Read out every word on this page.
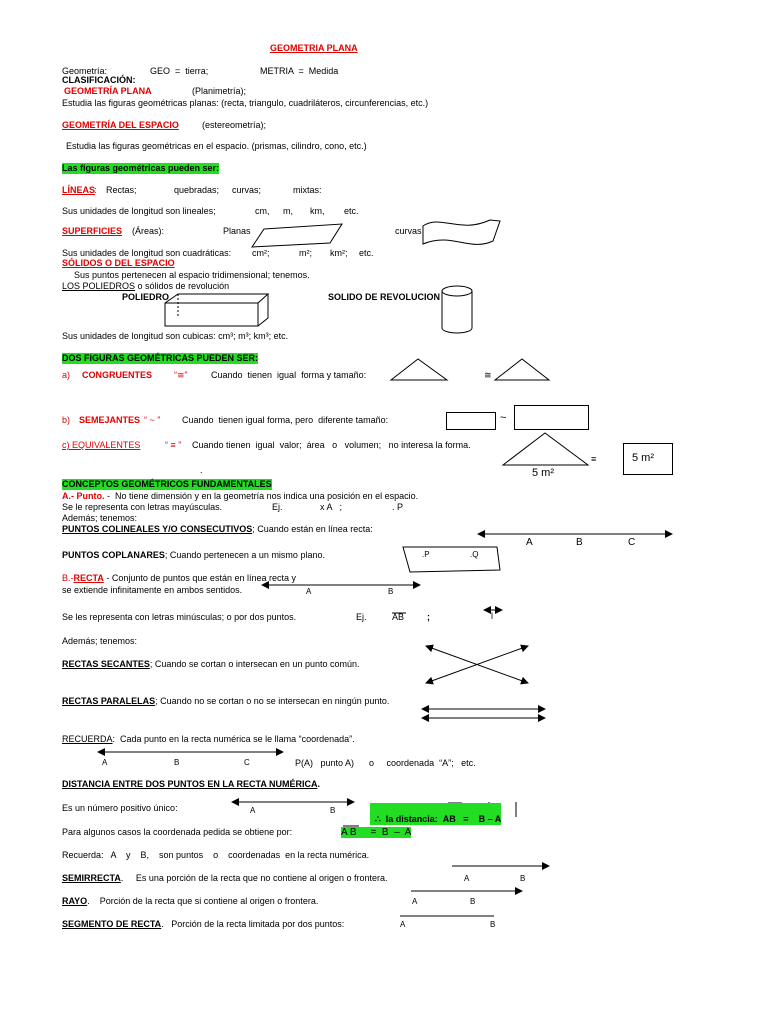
GEOMETRIA PLANA
Geometría:	GEO  =  tierra;	METRIA  =  Medida
CLASIFICACIÓN:
GEOMETRÍA PLANA	(Planimetría);
Estudia las figuras geométricas planas: (recta, triangulo, cuadriláteros, circunferencias, etc.)
GEOMETRÍA DEL ESPACIO	(estereometría);
Estudia las figuras geométricas en el espacio. (prismas, cilindro, cono, etc.)
Las figuras geométricas pueden ser:
LÍNEAS
: Rectas;	quebradas; curvas;	mixtas:
Sus unidades de longitud son lineales;	cm, m, km, etc.
SUPERFICIES (Áreas):	Planas	curvas
Sus unidades de longitud son cuadráticas: cm²;	m²; km²; etc.
SÓLIDOS O DEL ESPACIO
Sus puntos pertenecen al espacio tridimensional; tenemos.
LOS POLIEDROS o sólidos de revolución
POLIEDRO	SOLIDO DE REVOLUCION
Sus unidades de longitud son cubicas: cm³; m³; km³; etc.
DOS FIGURAS GEOMÉTRICAS PUEDEN SER:
a) CONGRUENTES “≅”	Cuando  tienen  igual  forma y tamaño:	≅
b) SEMEJANTES “ ~ ” Cuando  tienen igual forma, pero  diferente tamaño:	~
c) EQUIVALENTES	“ ≡ ” Cuando tienen  igual  valor;  área   o   volumen;   no interesa la forma.
5 m²
≡	5 m²
.
CONCEPTOS GEOMÉTRICOS FUNDAMENTALES
A.- Punto. -  No tiene dimensión y en la geometría nos indica una posición en el espacio.
Se le representa con letras mayúsculas.	Ej.	x A   ;	. P
Además; tenemos:
PUNTOS COLINEALES Y/O CONSECUTIVOS; Cuando están en línea recta:
A	B	C
PUNTOS COPLANARES; Cuando pertenecen a un mismo plano.	.P	.Q
B.-RECTA - Conjunto de puntos que están en línea recta y
se extiende infinitamente en ambos sentidos.	A	B
Se les representa con letras minúsculas; o por dos puntos.	Ej.	AB	;	l
Además; tenemos:
RECTAS SECANTES; Cuando se cortan o intersecan en un punto común.
RECTAS PARALELAS; Cuando no se cortan o no se intersecan en ningún punto.
RECUERDA:  Cada punto en la recta numérica se le llama “coordenada”.
A	B	C	P(A)   punto A)      o     coordenada  “A”;   etc.
DISTANCIA ENTRE DOS PUNTOS EN LA RECTA NUMÉRICA.
Es un número positivo único:	A	B

∴  la distancia: AB = B – A

Para algunos casos la coordenada pedida se obtiene por:	A B     =  B  –  A
Recuerda:   A    y    B,    son puntos    o    coordenadas  en la recta numérica.
SEMIRRECTA.     Es una porción de la recta que no contiene al origen o frontera.	A	B
RAYO.    Porción de la recta que si contiene al origen o frontera.	A	B
SEGMENTO DE RECTA.   Porción de la recta limitada por dos puntos:	A	B
